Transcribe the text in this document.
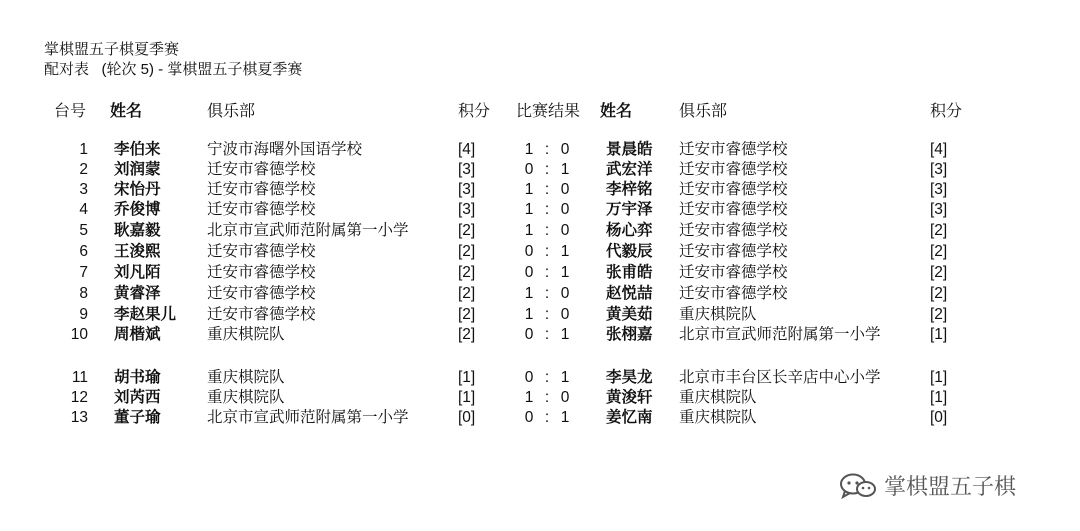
掌棋盟五子棋夏季赛
配对表   (轮次 5) - 掌棋盟五子棋夏季赛
台号 姓名	俱乐部	积分 比赛结果 姓名	俱乐部	积分
1 李伯来	宁波市海曙外国语学校	[4]	1 : 0 景晨皓 迁安市睿德学校	[4]
2 刘润蒙	迁安市睿德学校	[3]	0 : 1 武宏洋 迁安市睿德学校	[3]
3 宋怡丹	迁安市睿德学校	[3]	1 : 0 李梓铭 迁安市睿德学校	[3]
4 乔俊博	迁安市睿德学校	[3]	1 : 0 万宇泽 迁安市睿德学校	[3]
5 耿嘉毅	北京市宣武师范附属第一小学	[2]	1 : 0 杨心弈 迁安市睿德学校	[2]
6 王浚熙	迁安市睿德学校	[2]	0 : 1 代毅辰 迁安市睿德学校	[2]
7 刘凡陌	迁安市睿德学校	[2]	0 : 1 张甫皓 迁安市睿德学校	[2]
8 黄睿泽	迁安市睿德学校	[2]	1 : 0 赵悦喆 迁安市睿德学校	[2]
9 李赵果儿 迁安市睿德学校	[2]	1 : 0 黄美茹 重庆棋院队	[2]
10 周楷斌	重庆棋院队	[2]	0 : 1 张栩嘉 北京市宣武师范附属第一小学	[1]
11 胡书瑜	重庆棋院队	[1]	0 : 1 李昊龙 北京市丰台区长辛店中心小学	[1]
12 刘芮西	重庆棋院队	[1]	1 : 0 黄浚轩 重庆棋院队	[1]
13 董子瑜	北京市宣武师范附属第一小学	[0]	0 : 1 姜忆南 重庆棋院队	[0]
掌棋盟五子棋
